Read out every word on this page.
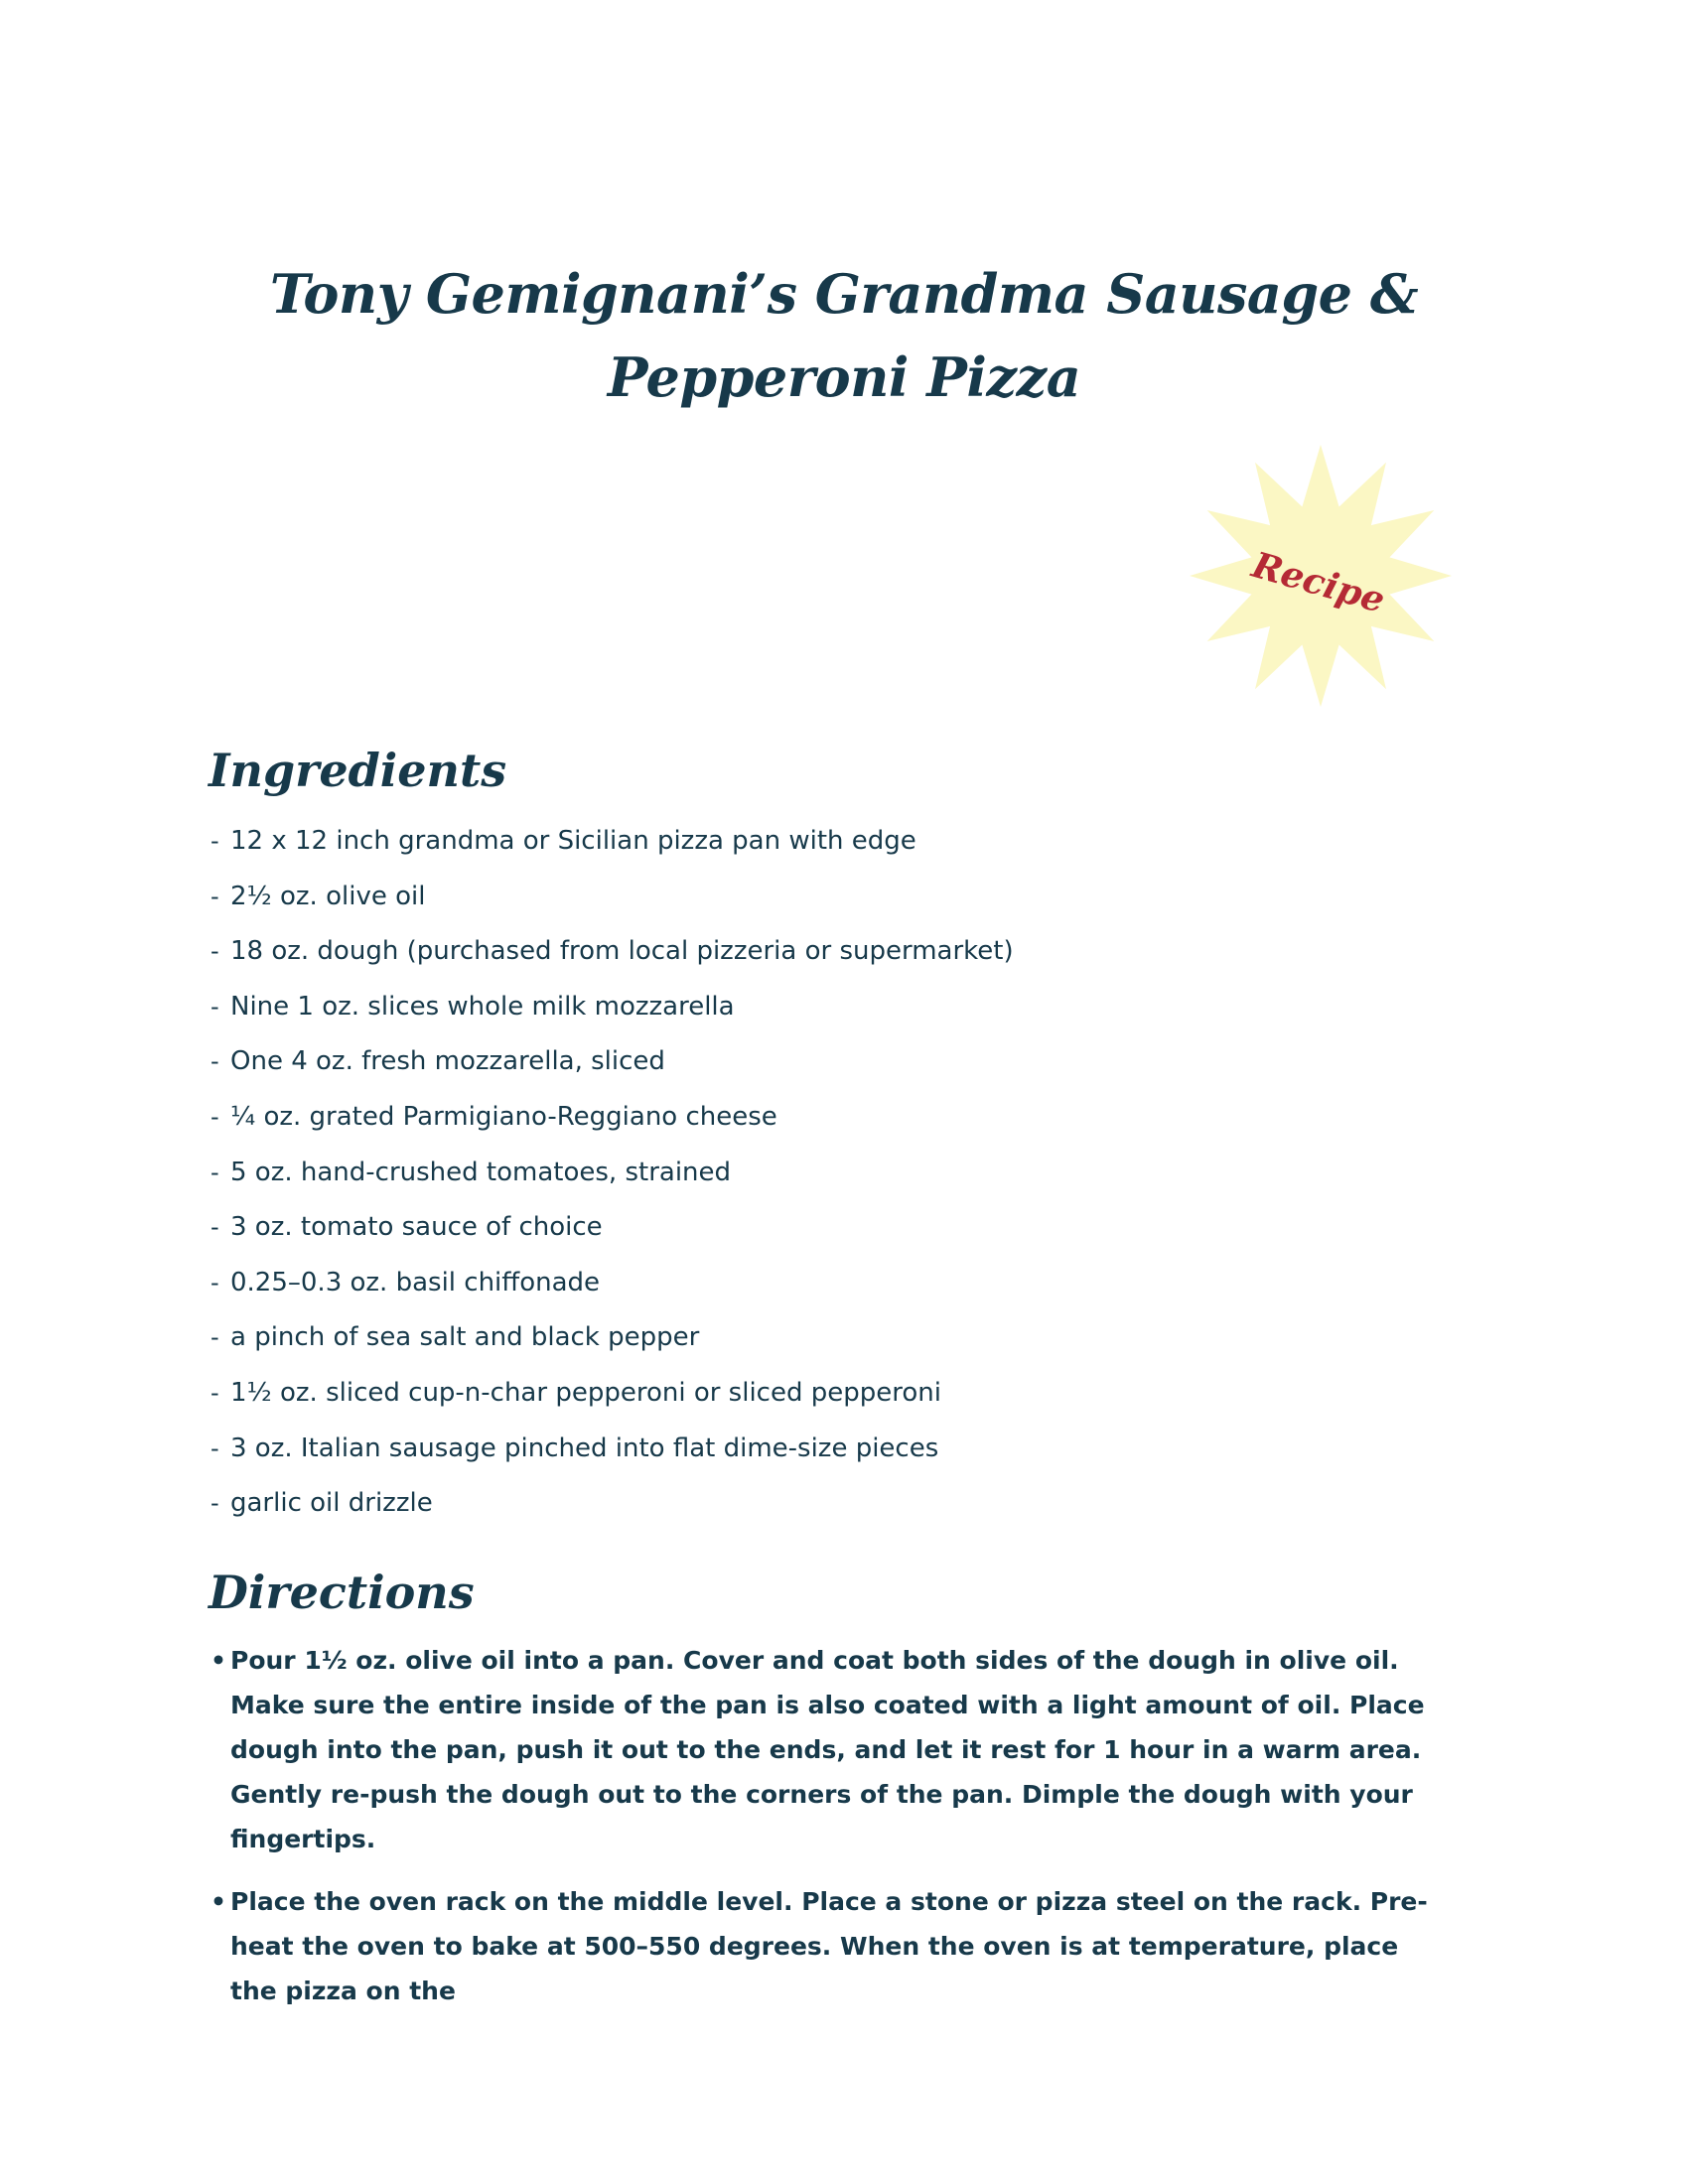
Tony Gemignani’s Grandma Sausage & Pepperoni Pizza
Recipe
Ingredients
- 12 x 12 inch grandma or Sicilian pizza pan with edge
- 2½ oz. olive oil
- 18 oz. dough (purchased from local pizzeria or supermarket)
- Nine 1 oz. slices whole milk mozzarella
- One 4 oz. fresh mozzarella, sliced
- ¼ oz. grated Parmigiano-Reggiano cheese
- 5 oz. hand-crushed tomatoes, strained
- 3 oz. tomato sauce of choice
- 0.25–0.3 oz. basil chiffonade
- a pinch of sea salt and black pepper
- 1½ oz. sliced cup-n-char pepperoni or sliced pepperoni
- 3 oz. Italian sausage pinched into flat dime-size pieces
- garlic oil drizzle
Directions
• Pour 1½ oz. olive oil into a pan. Cover and coat both sides of the dough in olive oil. Make sure the entire inside of the pan is also coated with a light amount of oil. Place dough into the pan, push it out to the ends, and let it rest for 1 hour in a warm area. Gently re-push the dough out to the corners of the pan. Dimple the dough with your fingertips.
• Place the oven rack on the middle level. Place a stone or pizza steel on the rack. Pre-heat the oven to bake at 500–550 degrees. When the oven is at temperature, place the pizza on the
